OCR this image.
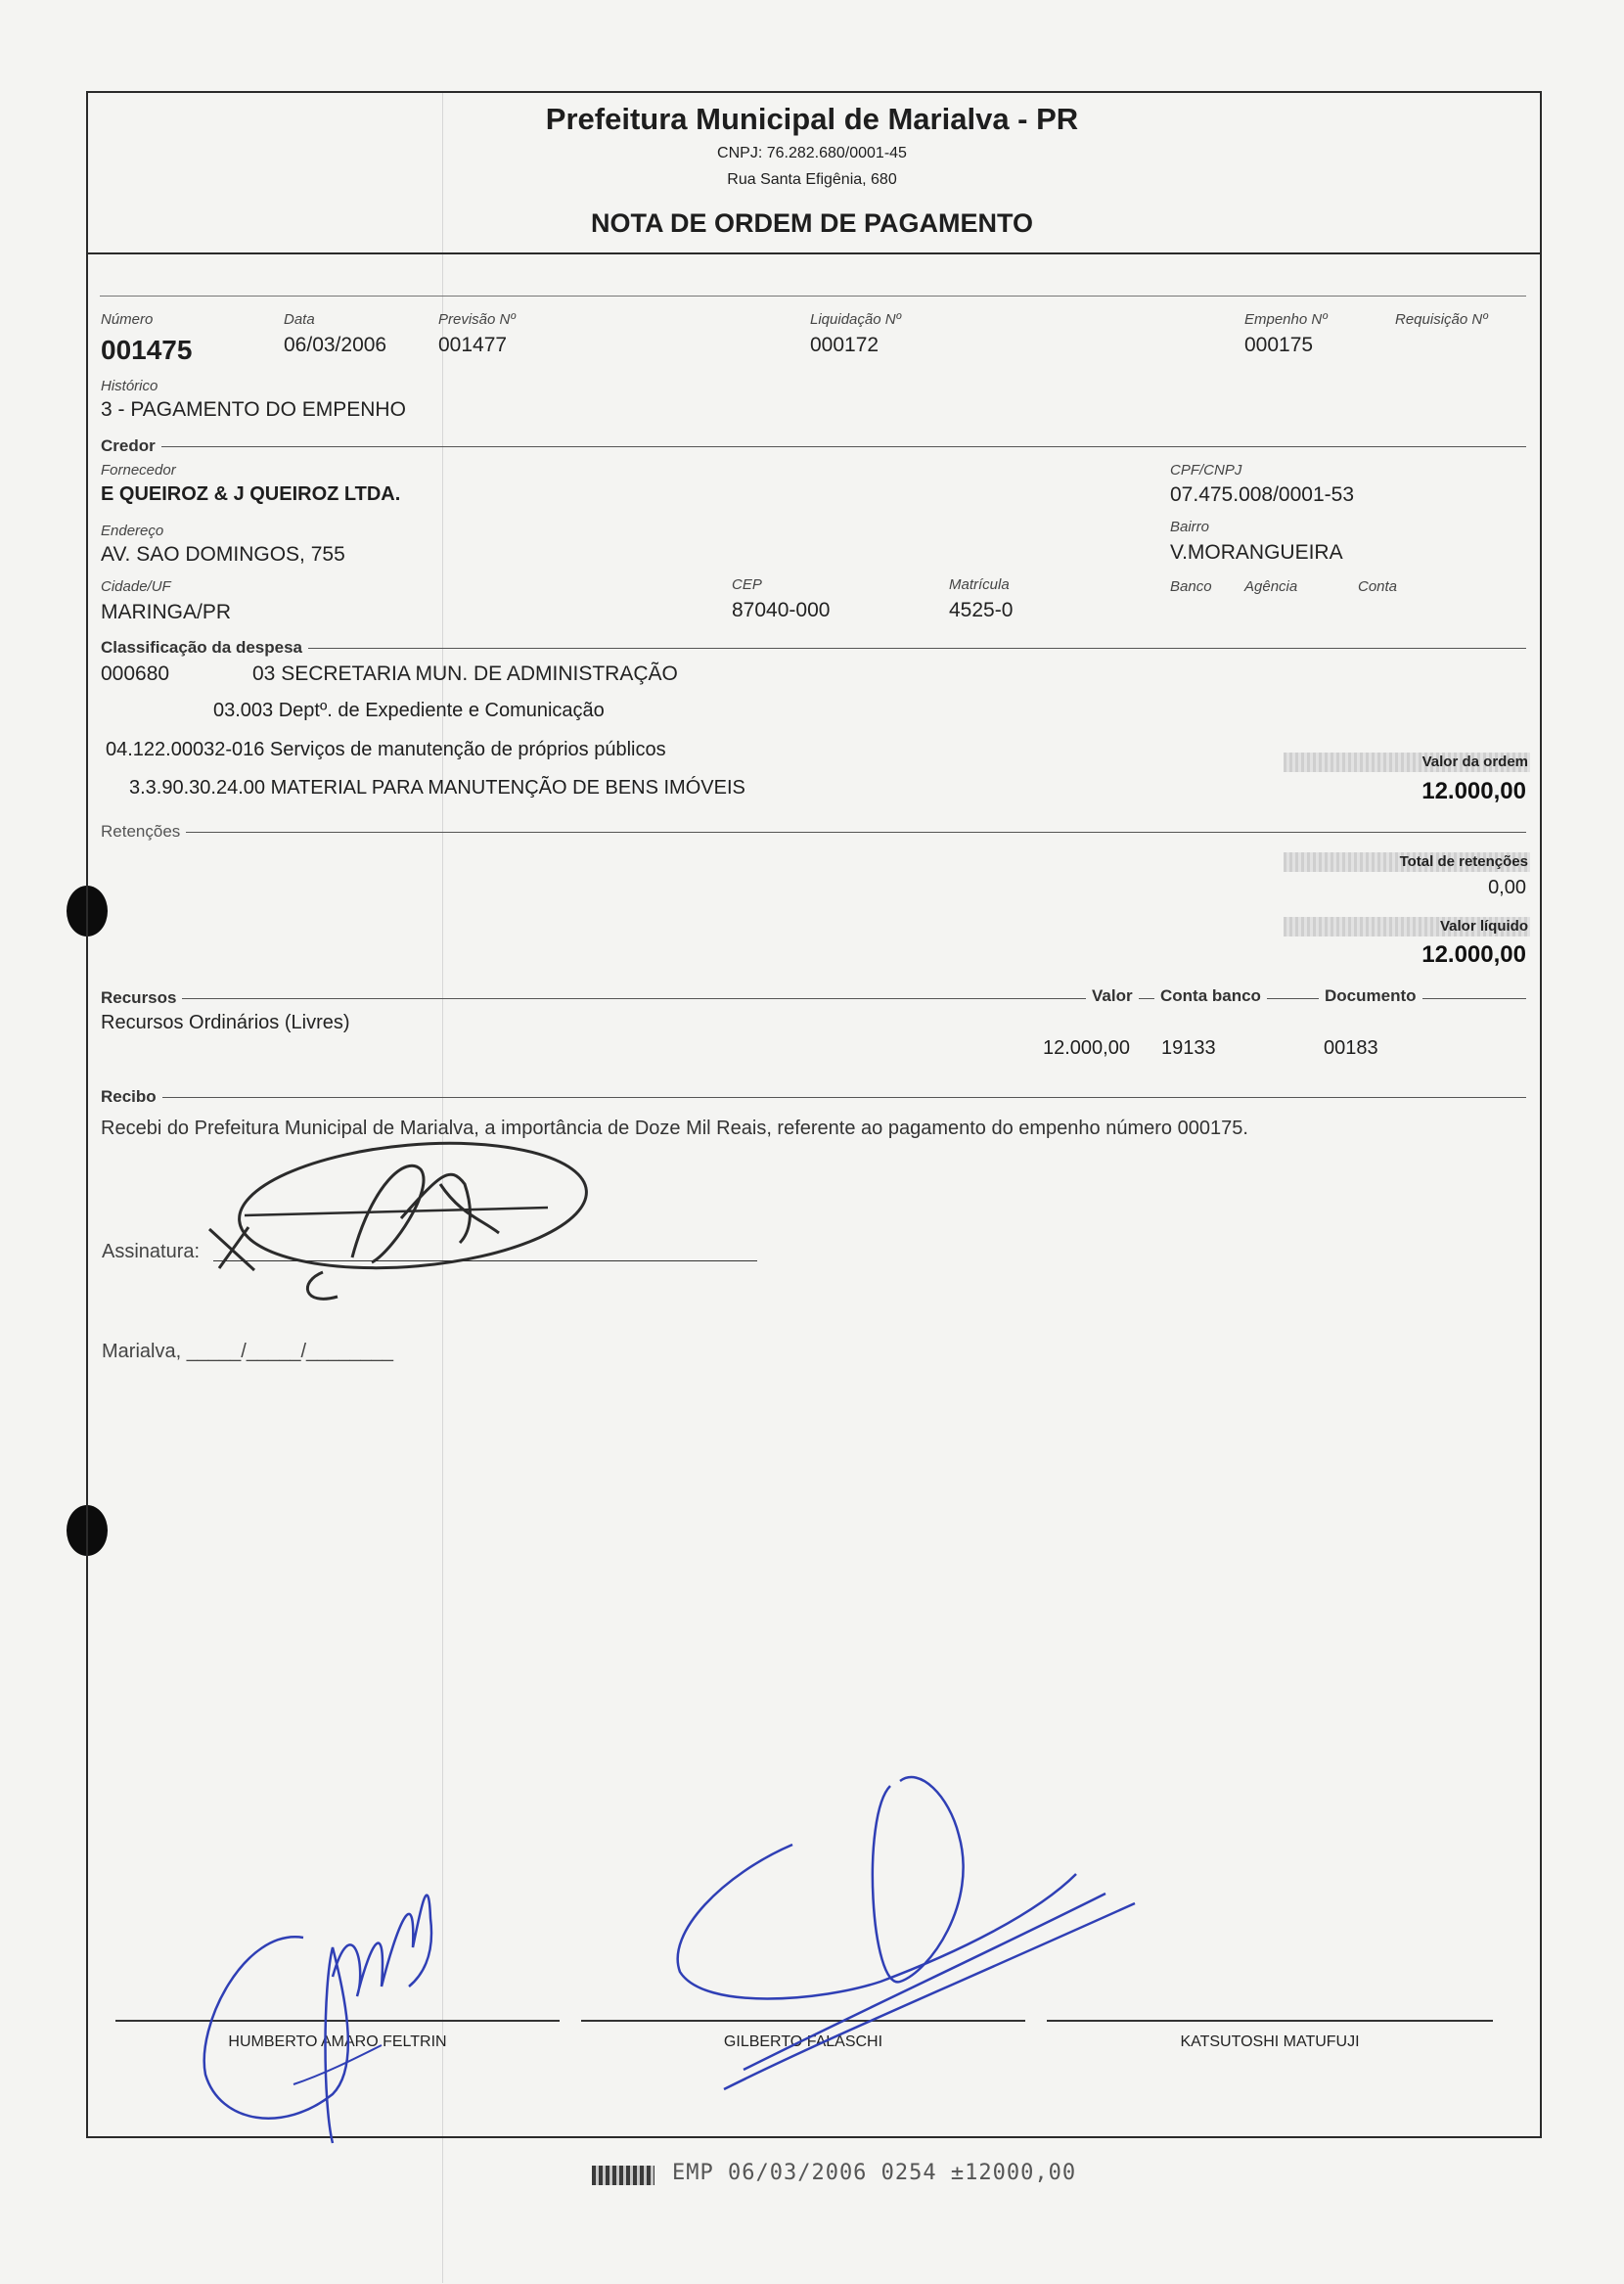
Prefeitura Municipal de Marialva - PR
CNPJ: 76.282.680/0001-45
Rua Santa Efigênia, 680
NOTA DE ORDEM DE PAGAMENTO
Número
001475
Data
06/03/2006
Previsão Nº
001477
Liquidação Nº
000172
Empenho Nº
000175
Requisição Nº
Histórico
3 - PAGAMENTO DO EMPENHO
Credor
Fornecedor
E QUEIROZ & J QUEIROZ LTDA.
CPF/CNPJ
07.475.008/0001-53
Endereço
AV. SAO DOMINGOS, 755
Bairro
V.MORANGUEIRA
Cidade/UF
MARINGA/PR
CEP
87040-000
Matrícula
4525-0
Banco Agência	Conta
Classificação da despesa
000680	03 SECRETARIA MUN. DE ADMINISTRAÇÃO
03.003 Deptº. de Expediente e Comunicação
04.122.00032-016 Serviços de manutenção de próprios públicos
3.3.90.30.24.00 MATERIAL PARA MANUTENÇÃO DE BENS IMÓVEIS
Valor da ordem
12.000,00
Retenções
Total de retenções
0,00
Valor líquido
12.000,00
Recursos	Valor	Conta banco	Documento
Recursos Ordinários (Livres)
12.000,00 19133	00183
Recibo
Recebi do Prefeitura Municipal de Marialva, a importância de Doze Mil Reais, referente ao pagamento do empenho número 000175.
Assinatura:
Marialva, _____/_____/________
HUMBERTO AMARO FELTRIN	GILBERTO FALASCHI	KATSUTOSHI MATUFUJI
EMP 06/03/2006 0254 ±12000,00
